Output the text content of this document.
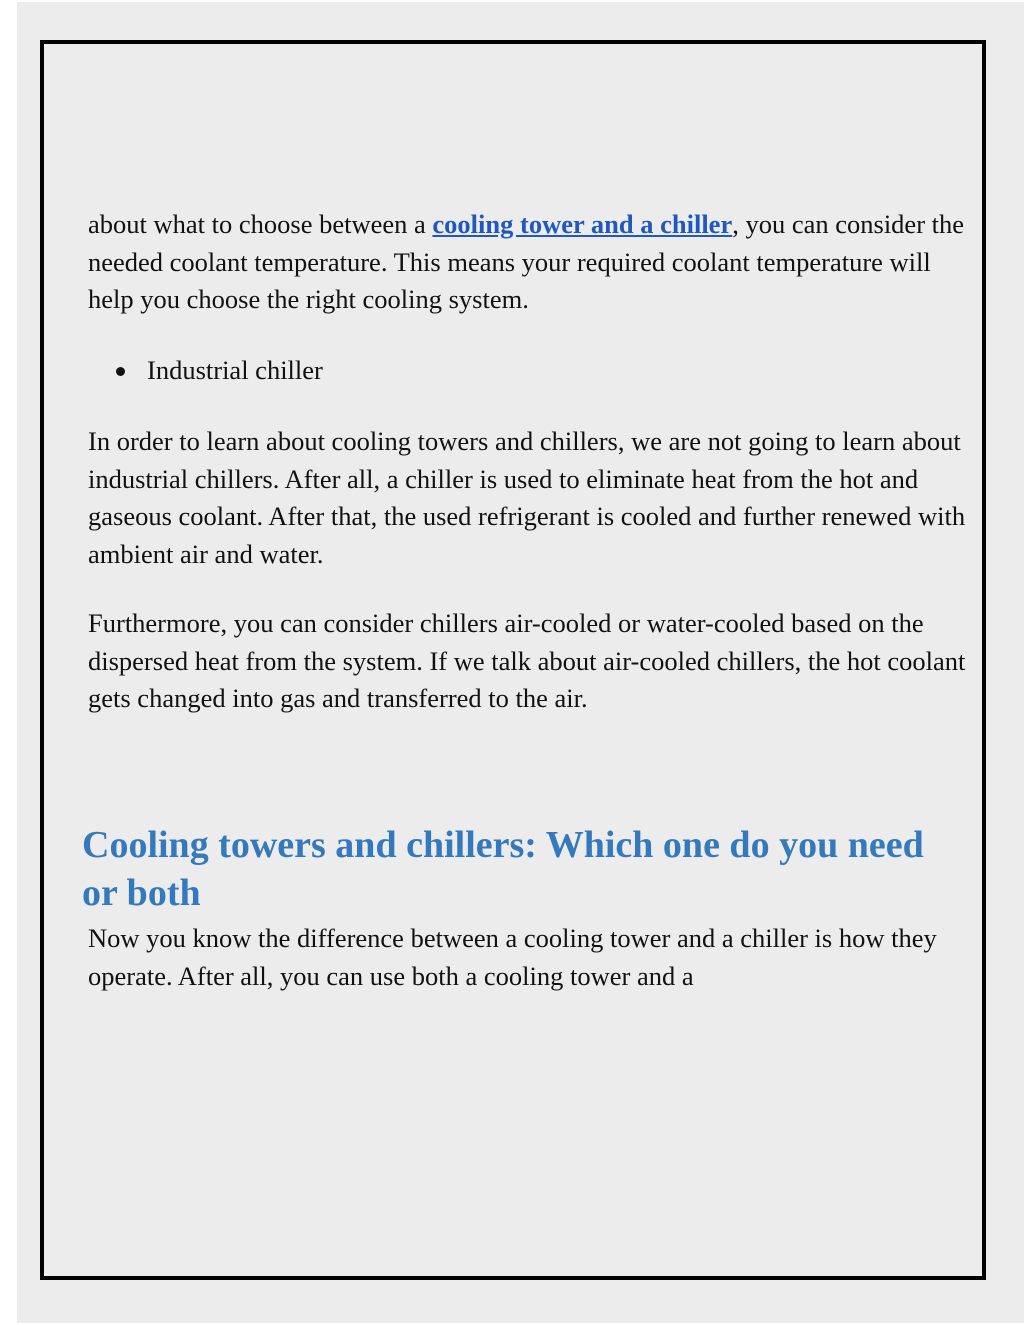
about what to choose between a cooling tower and a chiller, you can consider the needed coolant temperature. This means your required coolant temperature will help you choose the right cooling system.

Industrial chiller

In order to learn about cooling towers and chillers, we are not going to learn about industrial chillers. After all, a chiller is used to eliminate heat from the hot and gaseous coolant. After that, the used refrigerant is cooled and further renewed with ambient air and water.

Furthermore, you can consider chillers air-cooled or water-cooled based on the dispersed heat from the system. If we talk about air-cooled chillers, the hot coolant gets changed into gas and transferred to the air.

Cooling towers and chillers: Which one do you need or both

Now you know the difference between a cooling tower and a chiller is how they operate. After all, you can use both a cooling tower and a
